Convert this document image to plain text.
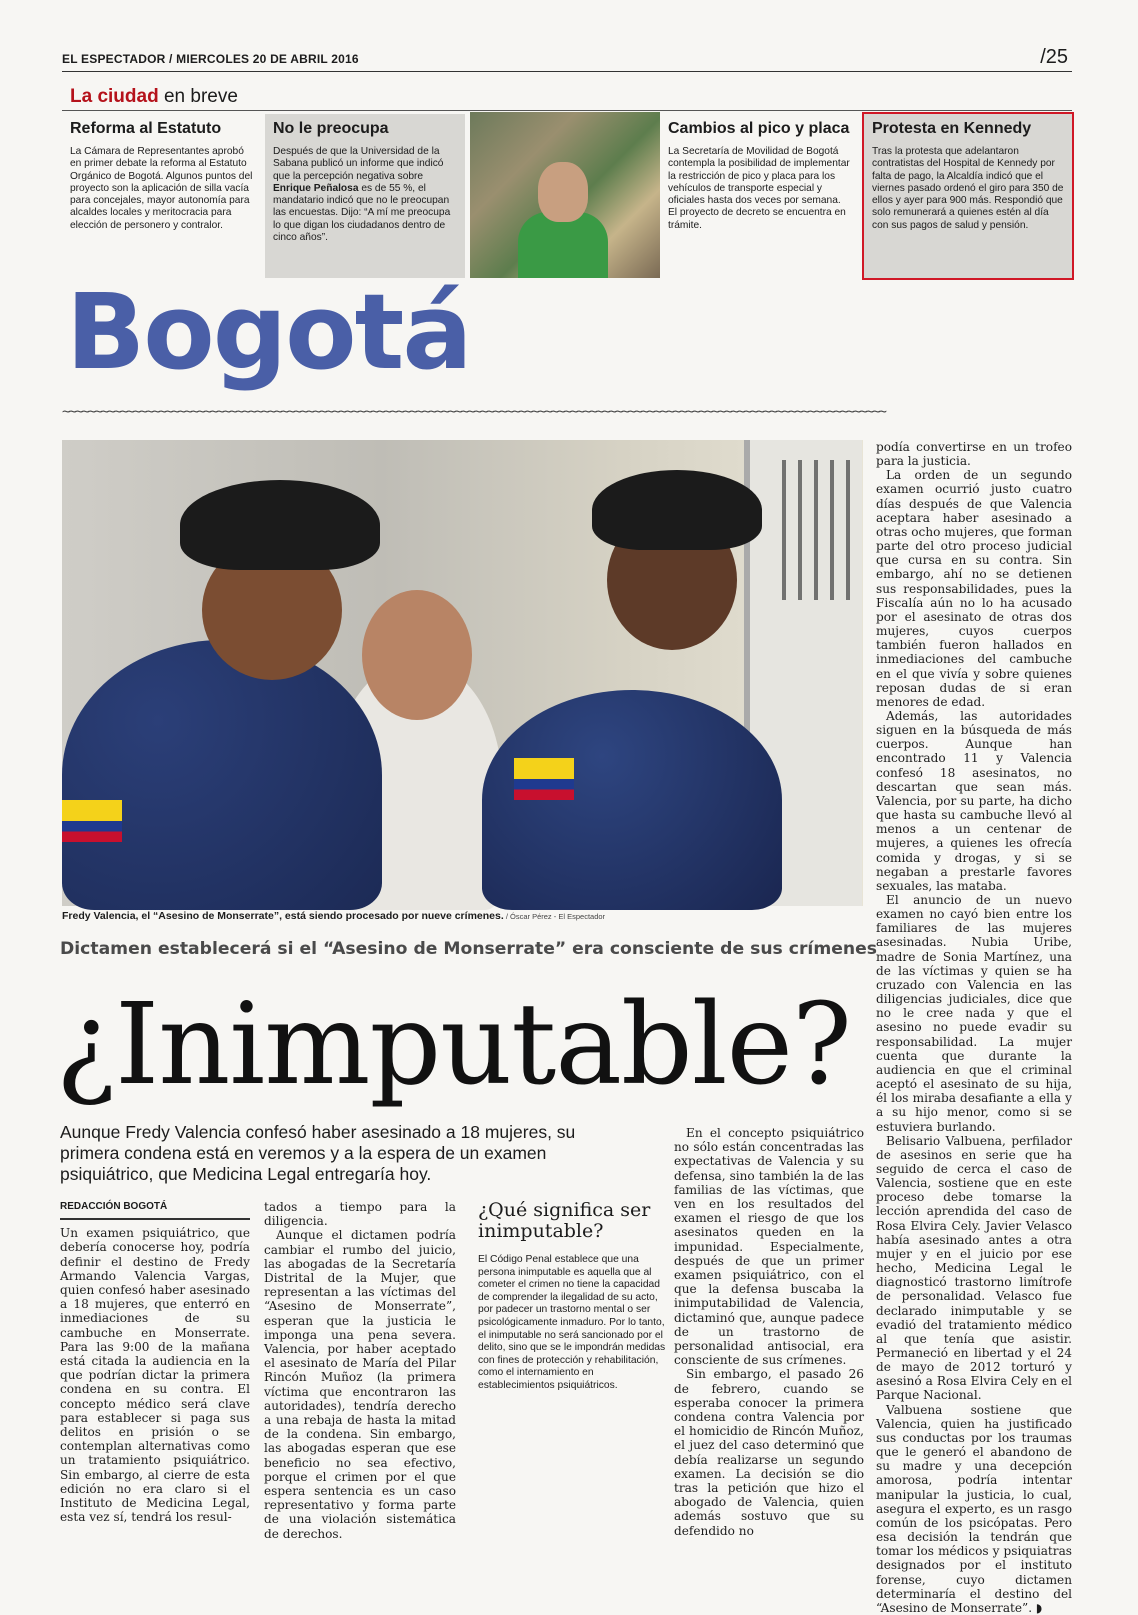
EL ESPECTADOR / MIERCOLES 20 DE ABRIL 2016	/25
La ciudad en breve
Reforma al Estatuto

La Cámara de Representantes aprobó en primer debate la reforma al Estatuto Orgánico de Bogotá. Algunos puntos del proyecto son la aplicación de silla vacía para concejales, mayor autonomía para alcaldes locales y meritocracia para elección de personero y contralor.

No le preocupa

Después de que la Universidad de la Sabana publicó un informe que indicó que la percepción negativa sobre Enrique Peñalosa es de 55 %, el mandatario indicó que no le preocupan las encuestas. Dijo: “A mí me preocupa lo que digan los ciudadanos dentro de cinco años”.

Cambios al pico y placa

La Secretaría de Movilidad de Bogotá contempla la posibilidad de implementar la restricción de pico y placa para los vehículos de transporte especial y oficiales hasta dos veces por semana. El proyecto de decreto se encuentra en trámite.

Protesta en Kennedy

Tras la protesta que adelantaron contratistas del Hospital de Kennedy por falta de pago, la Alcaldía indicó que el viernes pasado ordenó el giro para 350 de ellos y ayer para 900 más. Respondió que solo remunerará a quienes estén al día con sus pagos de salud y pensión.

Bogotá
~~~~~~~~~~~~~~~~~~~~~~~~~~~~~~~~~~~~~~~~~~~~~~~~~~~~~~~~~~~~~~~~~~~~~~~~~~~~~~~~~~~~~~~~~~~~~~~~~~~~~~~~~~~~~~~~~~~~~~~~~~~~~~~~
Fredy Valencia, el “Asesino de Monserrate”, está siendo procesado por nueve crímenes. / Óscar Pérez - El Espectador
Dictamen establecerá si el “Asesino de Monserrate” era consciente de sus crímenes
¿Inimputable?
Aunque Fredy Valencia confesó haber asesinado a 18 mujeres, su primera condena está en veremos y a la espera de un examen psiquiátrico, que Medicina Legal entregaría hoy.
REDACCIÓN BOGOTÁ

Un examen psiquiátrico, que debería conocerse hoy, podría definir el destino de Fredy Armando Valencia Vargas, quien confesó haber asesinado a 18 mujeres, que enterró en inmediaciones de su cambuche en Monserrate. Para las 9:00 de la mañana está citada la audiencia en la que podrían dictar la primera condena en su contra. El concepto médico será clave para establecer si paga sus delitos en prisión o se contemplan alternativas como un tratamiento psiquiátrico. Sin embargo, al cierre de esta edición no era claro si el Instituto de Medicina Legal, esta vez sí, tendrá los resul-

tados a tiempo para la diligencia.

Aunque el dictamen podría cambiar el rumbo del juicio, las abogadas de la Secretaría Distrital de la Mujer, que representan a las víctimas del “Asesino de Monserrate”, esperan que la justicia le imponga una pena severa. Valencia, por haber aceptado el asesinato de María del Pilar Rincón Muñoz (la primera víctima que encontraron las autoridades), tendría derecho a una rebaja de hasta la mitad de la condena. Sin embargo, las abogadas esperan que ese beneficio no sea efectivo, porque el crimen por el que espera sentencia es un caso representativo y forma parte de una violación sistemática de derechos.

¿Qué significa ser inimputable?

El Código Penal establece que una persona inimputable es aquella que al cometer el crimen no tiene la capacidad de comprender la ilegalidad de su acto, por padecer un trastorno mental o ser psicológicamente inmaduro. Por lo tanto, el inimputable no será sancionado por el delito, sino que se le impondrán medidas con fines de protección y rehabilitación, como el internamiento en establecimientos psiquiátricos.

En el concepto psiquiátrico no sólo están concentradas las expectativas de Valencia y su defensa, sino también la de las familias de las víctimas, que ven en los resultados del examen el riesgo de que los asesinatos queden en la impunidad. Especialmente, después de que un primer examen psiquiátrico, con el que la defensa buscaba la inimputabilidad de Valencia, dictaminó que, aunque padece de un trastorno de personalidad antisocial, era consciente de sus crímenes.

Sin embargo, el pasado 26 de febrero, cuando se esperaba conocer la primera condena contra Valencia por el homicidio de Rincón Muñoz, el juez del caso determinó que debía realizarse un segundo examen. La decisión se dio tras la petición que hizo el abogado de Valencia, quien además sostuvo que su defendido no

podía convertirse en un trofeo para la justicia.

La orden de un segundo examen ocurrió justo cuatro días después de que Valencia aceptara haber asesinado a otras ocho mujeres, que forman parte del otro proceso judicial que cursa en su contra. Sin embargo, ahí no se detienen sus responsabilidades, pues la Fiscalía aún no lo ha acusado por el asesinato de otras dos mujeres, cuyos cuerpos también fueron hallados en inmediaciones del cambuche en el que vivía y sobre quienes reposan dudas de si eran menores de edad.

Además, las autoridades siguen en la búsqueda de más cuerpos. Aunque han encontrado 11 y Valencia confesó 18 asesinatos, no descartan que sean más. Valencia, por su parte, ha dicho que hasta su cambuche llevó al menos a un centenar de mujeres, a quienes les ofrecía comida y drogas, y si se negaban a prestarle favores sexuales, las mataba.

El anuncio de un nuevo examen no cayó bien entre los familiares de las mujeres asesinadas. Nubia Uribe, madre de Sonia Martínez, una de las víctimas y quien se ha cruzado con Valencia en las diligencias judiciales, dice que no le cree nada y que el asesino no puede evadir su responsabilidad. La mujer cuenta que durante la audiencia en que el criminal aceptó el asesinato de su hija, él los miraba desafiante a ella y a su hijo menor, como si se estuviera burlando.

Belisario Valbuena, perfilador de asesinos en serie que ha seguido de cerca el caso de Valencia, sostiene que en este proceso debe tomarse la lección aprendida del caso de Rosa Elvira Cely. Javier Velasco había asesinado antes a otra mujer y en el juicio por ese hecho, Medicina Legal le diagnosticó trastorno limítrofe de personalidad. Velasco fue declarado inimputable y se evadió del tratamiento médico al que tenía que asistir. Permaneció en libertad y el 24 de mayo de 2012 torturó y asesinó a Rosa Elvira Cely en el Parque Nacional.

Valbuena sostiene que Valencia, quien ha justificado sus conductas por los traumas que le generó el abandono de su madre y una decepción amorosa, podría intentar manipular la justicia, lo cual, asegura el experto, es un rasgo común de los psicópatas. Pero esa decisión la tendrán que tomar los médicos y psiquiatras designados por el instituto forense, cuyo dictamen determinaría el destino del “Asesino de Monserrate”. ◗
